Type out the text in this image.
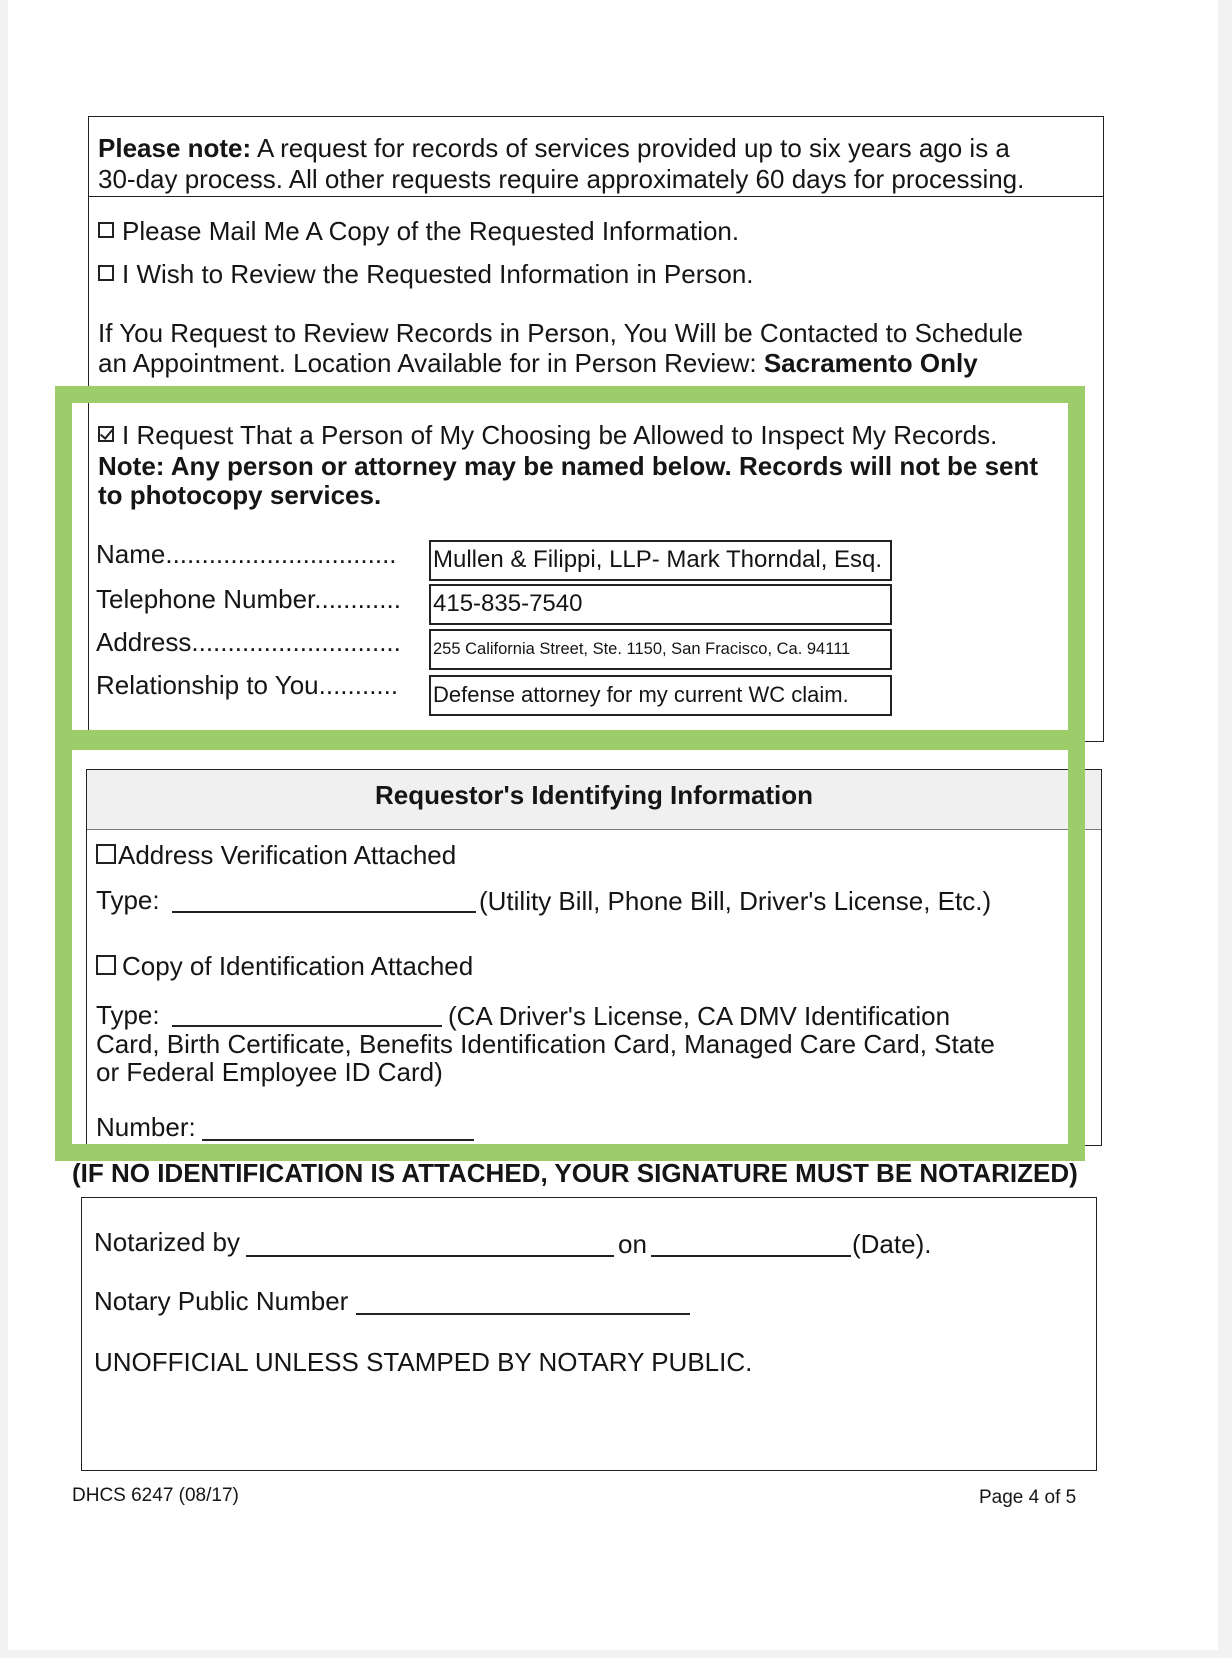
Please note: A request for records of services provided up to six years ago is a
30-day process. All other requests require approximately 60 days for processing.
Please Mail Me A Copy of the Requested Information.
I Wish to Review the Requested Information in Person.
If You Request to Review Records in Person, You Will be Contacted to Schedule
an Appointment. Location Available for in Person Review: Sacramento Only
I Request That a Person of My Choosing be Allowed to Inspect My Records.
Note: Any person or attorney may be named below. Records will not be sent
to photocopy services.
Name................................ Mullen & Filippi, LLP- Mark Thorndal, Esq.
Telephone Number............ 415-835-7540
Address............................. 255 California Street, Ste. 1150, San Fracisco, Ca. 94111
Relationship to You........... Defense attorney for my current WC claim.
Requestor's Identifying Information
Address Verification Attached
Type:	(Utility Bill, Phone Bill, Driver's License, Etc.)
Copy of Identification Attached
Type:	(CA Driver's License, CA DMV Identification
Card, Birth Certificate, Benefits Identification Card, Managed Care Card, State
or Federal Employee ID Card)
Number:
(IF NO IDENTIFICATION IS ATTACHED, YOUR SIGNATURE MUST BE NOTARIZED)
Notarized by	on	(Date).
Notary Public Number
UNOFFICIAL UNLESS STAMPED BY NOTARY PUBLIC.
DHCS 6247 (08/17)	Page 4 of 5
